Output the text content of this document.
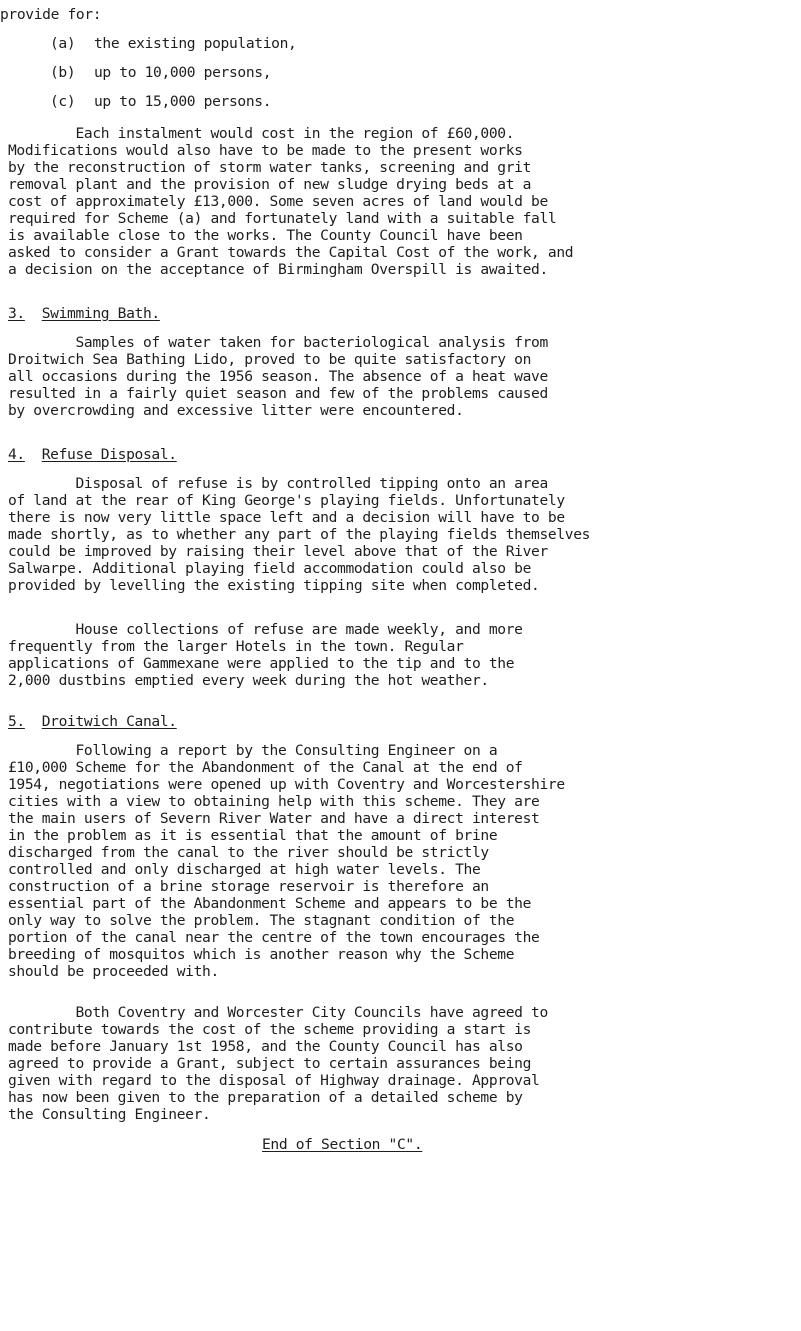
provide for:
(a) the existing population,
(b) up to 10,000 persons,
(c) up to 15,000 persons.
Each instalment would cost in the region of £60,000.
Modifications would also have to be made to the present works
by the reconstruction of storm water tanks, screening and grit
removal plant and the provision of new sludge drying beds at a
cost of approximately £13,000. Some seven acres of land would be
required for Scheme (a) and fortunately land with a suitable fall
is available close to the works. The County Council have been
asked to consider a Grant towards the Capital Cost of the work, and
a decision on the acceptance of Birmingham Overspill is awaited.
3. Swimming Bath.
Samples of water taken for bacteriological analysis from
Droitwich Sea Bathing Lido, proved to be quite satisfactory on
all occasions during the 1956 season. The absence of a heat wave
resulted in a fairly quiet season and few of the problems caused
by overcrowding and excessive litter were encountered.
4. Refuse Disposal.
Disposal of refuse is by controlled tipping onto an area
of land at the rear of King George's playing fields. Unfortunately
there is now very little space left and a decision will have to be
made shortly, as to whether any part of the playing fields themselves
could be improved by raising their level above that of the River
Salwarpe. Additional playing field accommodation could also be
provided by levelling the existing tipping site when completed.
House collections of refuse are made weekly, and more
frequently from the larger Hotels in the town. Regular
applications of Gammexane were applied to the tip and to the
2,000 dustbins emptied every week during the hot weather.
5. Droitwich Canal.
Following a report by the Consulting Engineer on a
£10,000 Scheme for the Abandonment of the Canal at the end of
1954, negotiations were opened up with Coventry and Worcestershire
cities with a view to obtaining help with this scheme. They are
the main users of Severn River Water and have a direct interest
in the problem as it is essential that the amount of brine
discharged from the canal to the river should be strictly
controlled and only discharged at high water levels. The
construction of a brine storage reservoir is therefore an
essential part of the Abandonment Scheme and appears to be the
only way to solve the problem. The stagnant condition of the
portion of the canal near the centre of the town encourages the
breeding of mosquitos which is another reason why the Scheme
should be proceeded with.
Both Coventry and Worcester City Councils have agreed to
contribute towards the cost of the scheme providing a start is
made before January 1st 1958, and the County Council has also
agreed to provide a Grant, subject to certain assurances being
given with regard to the disposal of Highway drainage. Approval
has now been given to the preparation of a detailed scheme by
the Consulting Engineer.
End of Section "C".
